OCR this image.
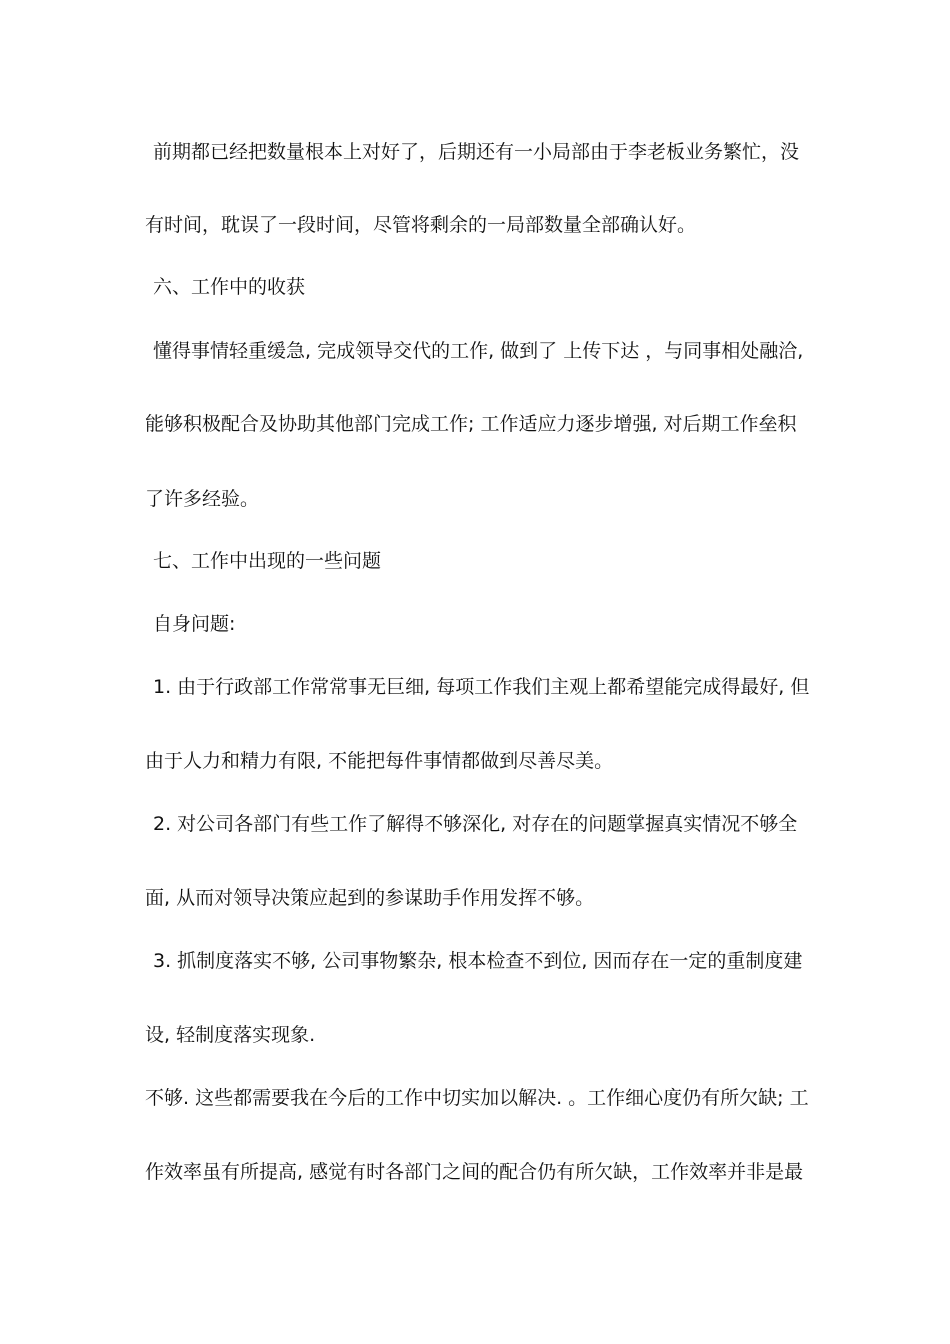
前期都已经把数量根本上对好了，后期还有一小局部由于李老板业务繁忙，没
有时间，耽误了一段时间，尽管将剩余的一局部数量全部确认好。
六、工作中的收获
懂得事情轻重缓急, 完成领导交代的工作, 做到了 上传下达 ，与同事相处融洽,
能够积极配合及协助其他部门完成工作; 工作适应力逐步增强, 对后期工作垒积
了许多经验。
七、工作中出现的一些问题
自身问题:
1. 由于行政部工作常常事无巨细, 每项工作我们主观上都希望能完成得最好, 但
由于人力和精力有限, 不能把每件事情都做到尽善尽美。
2. 对公司各部门有些工作了解得不够深化, 对存在的问题掌握真实情况不够全
面, 从而对领导决策应起到的参谋助手作用发挥不够。
3. 抓制度落实不够, 公司事物繁杂, 根本检查不到位, 因而存在一定的重制度建
设, 轻制度落实现象.
不够. 这些都需要我在今后的工作中切实加以解决. 。工作细心度仍有所欠缺; 工
作效率虽有所提高, 感觉有时各部门之间的配合仍有所欠缺，工作效率并非是最
